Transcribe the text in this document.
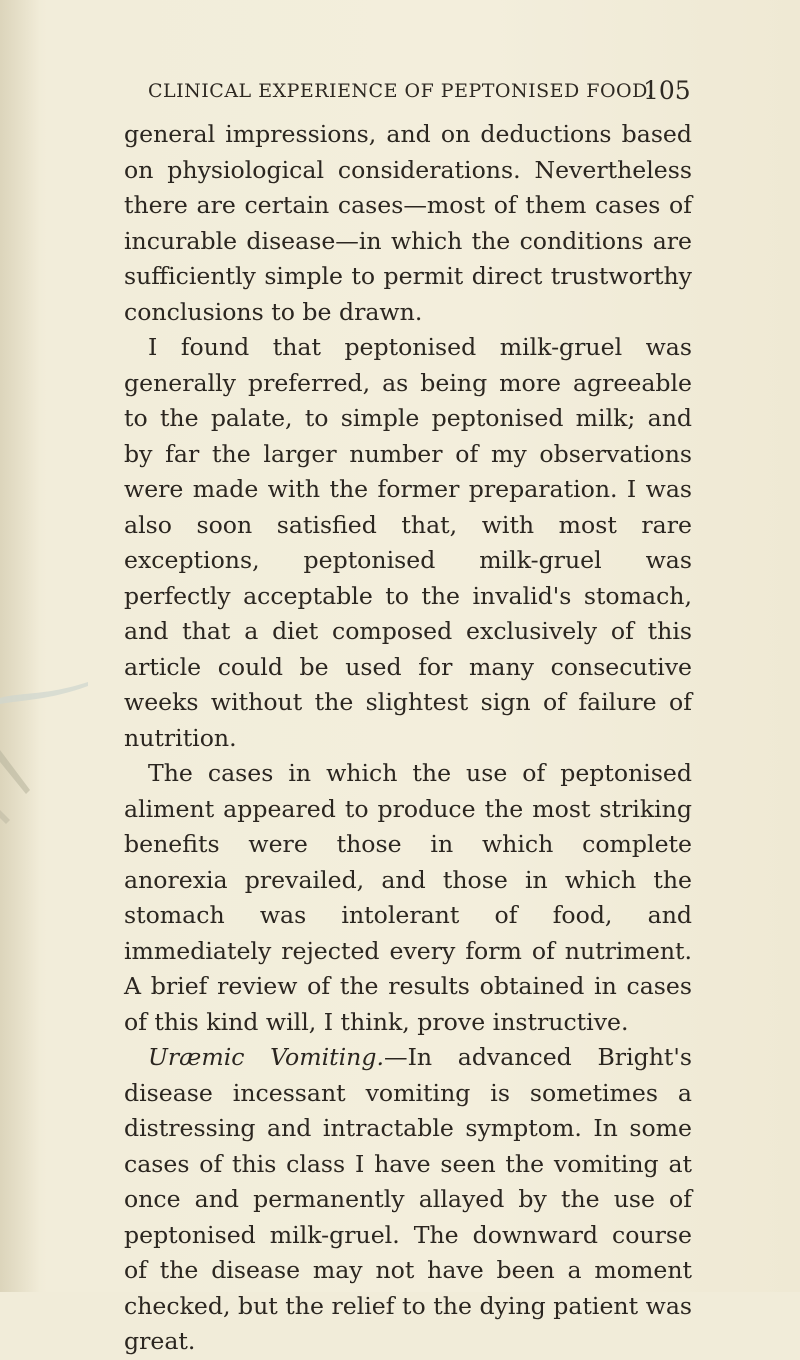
CLINICAL EXPERIENCE OF PEPTONISED FOOD.
105

general impressions, and on deductions based on physiological considerations. Nevertheless there are certain cases—most of them cases of incurable disease—in which the conditions are sufficiently simple to permit direct trustworthy conclusions to be drawn.

I found that peptonised milk-gruel was generally preferred, as being more agreeable to the palate, to simple peptonised milk; and by far the larger number of my observations were made with the former preparation. I was also soon satisfied that, with most rare exceptions, peptonised milk-gruel was perfectly acceptable to the invalid's stomach, and that a diet composed exclusively of this article could be used for many consecutive weeks without the slightest sign of failure of nutrition.

The cases in which the use of peptonised aliment appeared to produce the most striking benefits were those in which complete anorexia prevailed, and those in which the stomach was intolerant of food, and immediately rejected every form of nutriment. A brief review of the results obtained in cases of this kind will, I think, prove instructive.

Uræmic Vomiting.—In advanced Bright's disease incessant vomiting is sometimes a distressing and intractable symptom. In some cases of this class I have seen the vomiting at once and permanently allayed by the use of peptonised milk-gruel. The downward course of the disease may not have been a moment checked, but the relief to the dying patient was great.
